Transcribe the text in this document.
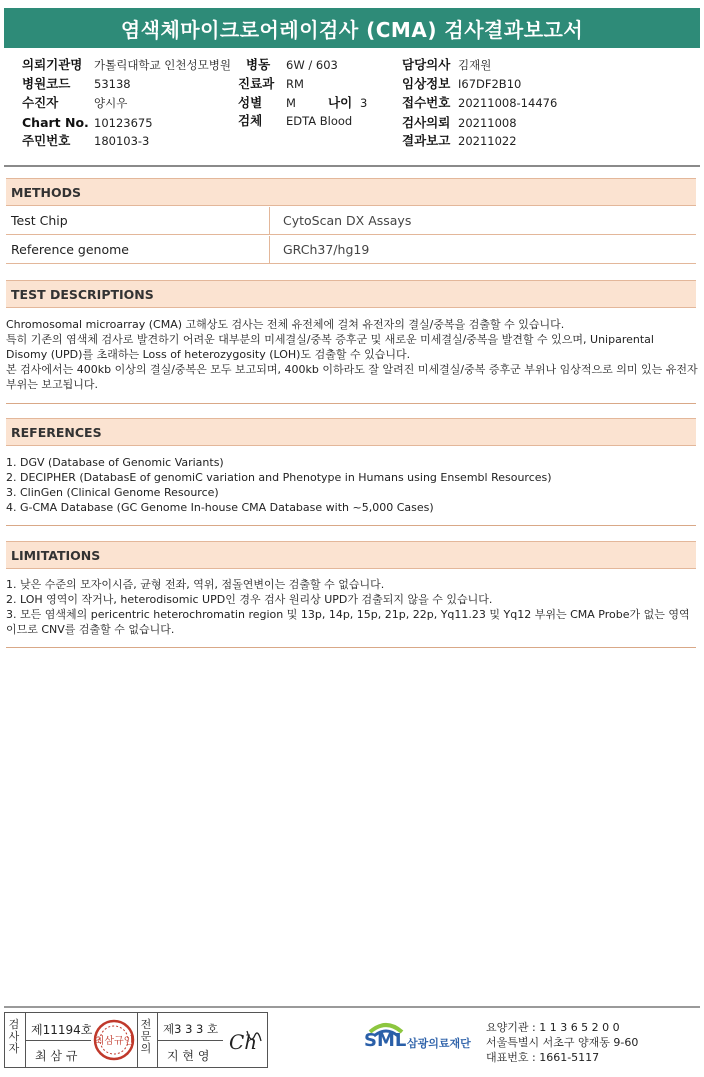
염색체마이크로어레이검사 (CMA) 검사결과보고서
의뢰기관명 가톨릭대학교 인천성모병원 병동 6W / 603	담당의사 김재원
병원코드 53138	진료과 RM	임상정보 I67DF2B10
수진자	양시우	성별 M	나이 3	접수번호 20211008-14476
Chart No. 10123675	검체 EDTA Blood	검사의뢰 20211008
주민번호 180103-3	결과보고 20211022
METHODS
Test Chip	CytoScan DX Assays
Reference genome	GRCh37/hg19
TEST DESCRIPTIONS

Chromosomal microarray (CMA) 고해상도 검사는 전체 유전체에 걸쳐 유전자의 결실/중복을 검출할 수 있습니다.

특히 기존의 염색체 검사로 발견하기 어려운 대부분의 미세결실/중복 증후군 및 새로운 미세결실/중복을 발견할 수 있으며, Uniparental Disomy (UPD)를 초래하는 Loss of heterozygosity (LOH)도 검출할 수 있습니다.

본 검사에서는 400kb 이상의 결실/중복은 모두 보고되며, 400kb 이하라도 잘 알려진 미세결실/중복 증후군 부위나 임상적으로 의미 있는 유전자 부위는 보고됩니다.

REFERENCES

1. DGV (Database of Genomic Variants)

2. DECIPHER (DatabasE of genomiC variation and Phenotype in Humans using Ensembl Resources)

3. ClinGen (Clinical Genome Resource)

4. G-CMA Database (GC Genome In-house CMA Database with ~5,000 Cases)

LIMITATIONS

1. 낮은 수준의 모자이시즘, 균형 전좌, 역위, 점돌연변이는 검출할 수 없습니다.

2. LOH 영역이 작거나, heterodisomic UPD인 경우 검사 원리상 UPD가 검출되지 않을 수 있습니다.

3. 모든 염색체의 pericentric heterochromatin region 및 13p, 14p, 15p, 21p, 22p, Yq11.23 및 Yq12 부위는 CMA Probe가 없는 영역이므로 CNV를 검출할 수 없습니다.

검사자
제11194호
최 삼 규
최삼규인
전문의
제3 3 3 호
지 현 영
Ch	SML 삼광의료재단
요양기관 : 1 1 3 6 5 2 0 0
서울특별시 서초구 양재동 9-60
대표번호 : 1661-5117
